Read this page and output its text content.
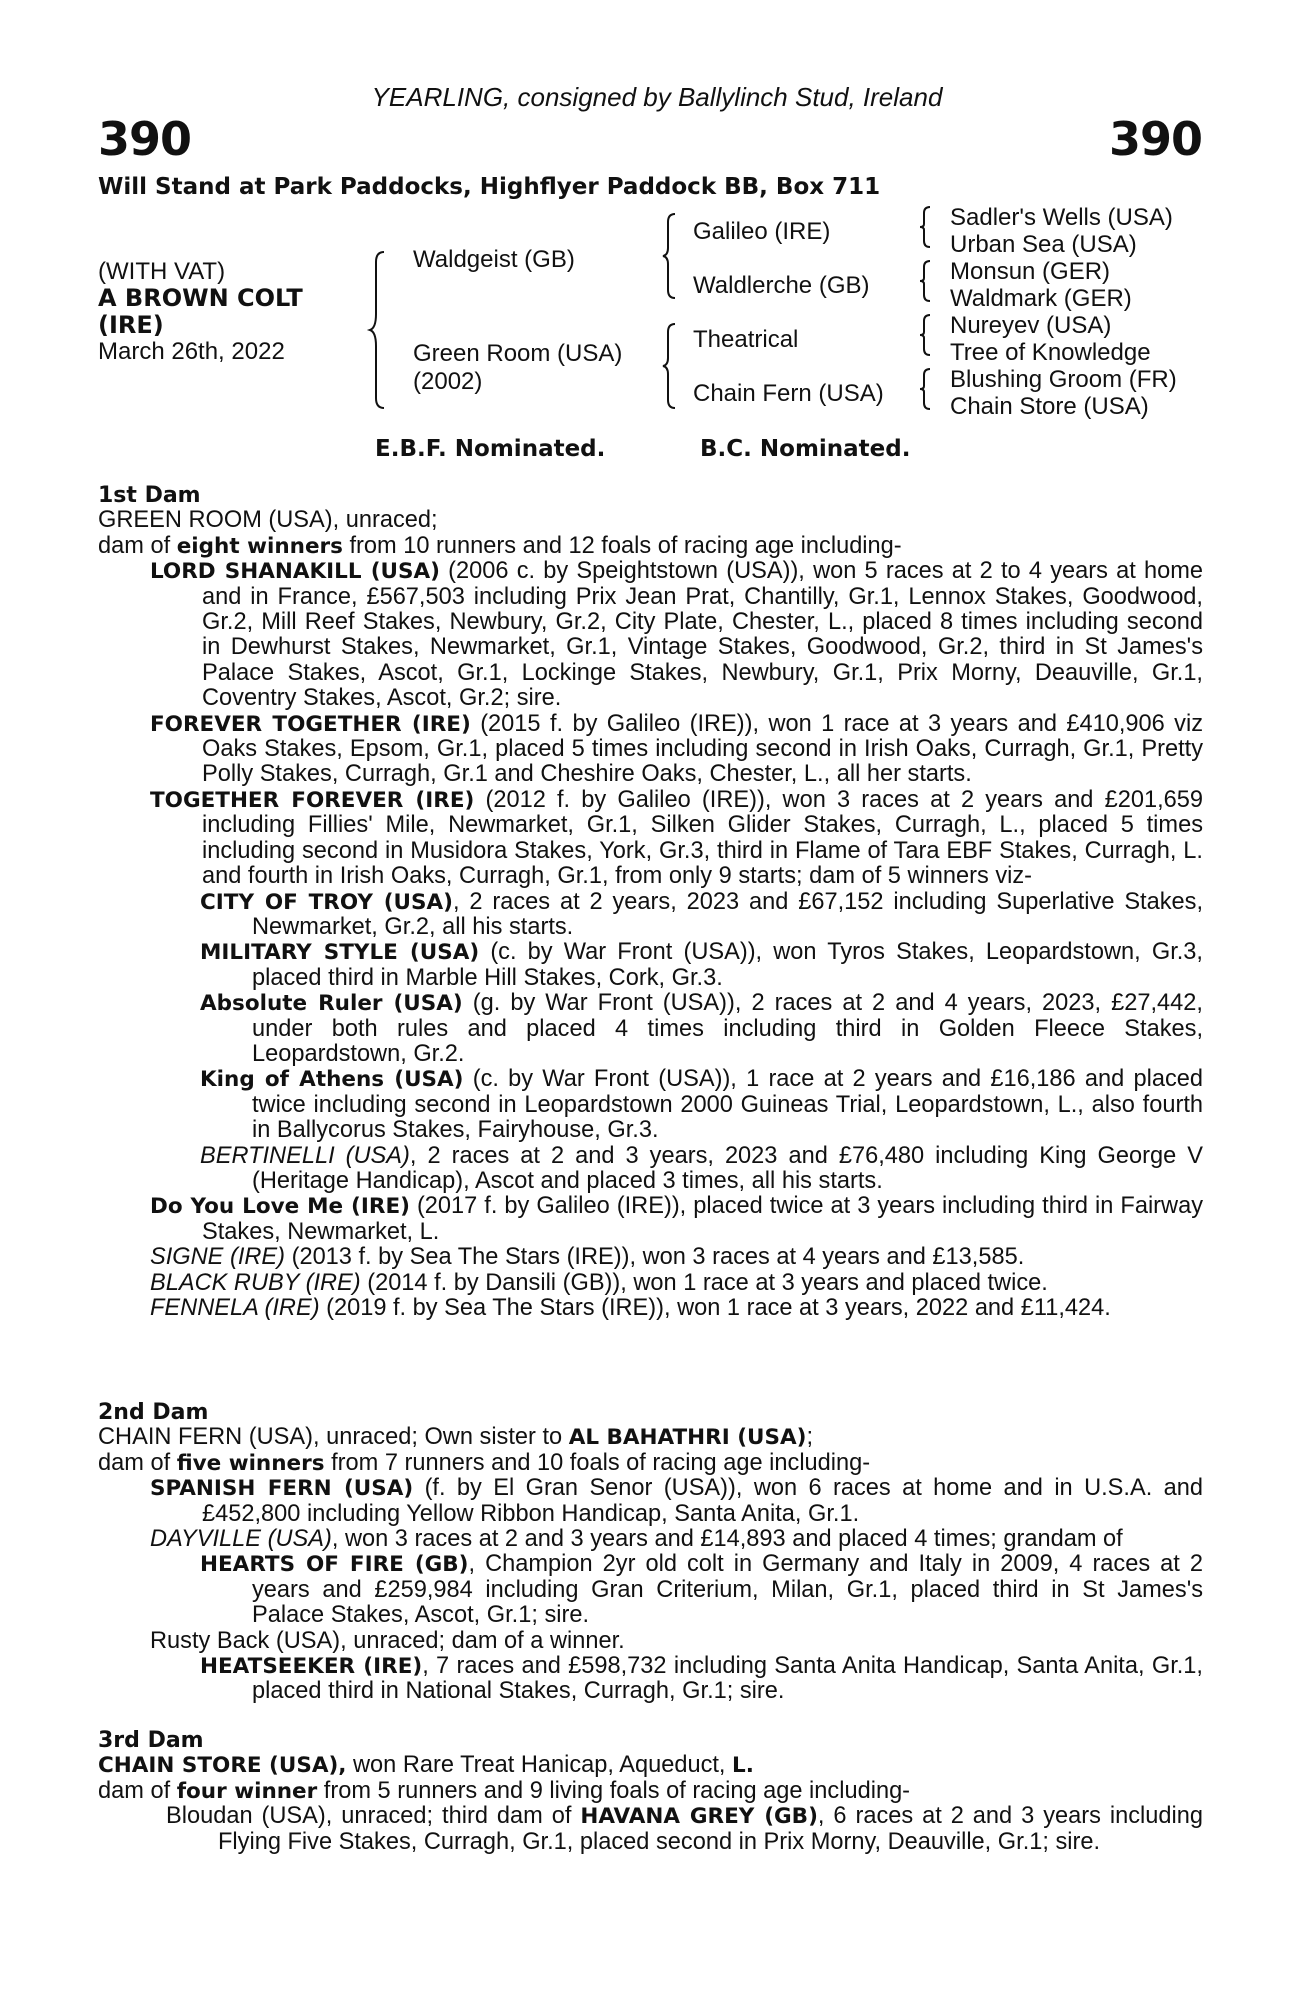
YEARLING, consigned by Ballylinch Stud, Ireland
390	390
Will Stand at Park Paddocks, Highflyer Paddock BB, Box 711
(WITH VAT)
A BROWN COLT
(IRE)
March 26th, 2022
Waldgeist (GB)
Green Room (USA)
(2002)
Galileo (IRE)
Waldlerche (GB)
Theatrical
Chain Fern (USA)
Sadler's Wells (USA)
Urban Sea (USA)
Monsun (GER)
Waldmark (GER)
Nureyev (USA)
Tree of Knowledge
Blushing Groom (FR)
Chain Store (USA)
E.B.F. Nominated.	B.C. Nominated.
1st Dam
GREEN ROOM (USA), unraced;
dam of eight winners from 10 runners and 12 foals of racing age including-
LORD SHANAKILL (USA) (2006 c. by Speightstown (USA)), won 5 races at 2 to 4 years at home and in France, £567,503 including Prix Jean Prat, Chantilly, Gr.1, Lennox Stakes, Goodwood, Gr.2, Mill Reef Stakes, Newbury, Gr.2, City Plate, Chester, L., placed 8 times including second in Dewhurst Stakes, Newmarket, Gr.1, Vintage Stakes, Goodwood, Gr.2, third in St James's Palace Stakes, Ascot, Gr.1, Lockinge Stakes, Newbury, Gr.1, Prix Morny, Deauville, Gr.1, Coventry Stakes, Ascot, Gr.2; sire.
FOREVER TOGETHER (IRE) (2015 f. by Galileo (IRE)), won 1 race at 3 years and £410,906 viz Oaks Stakes, Epsom, Gr.1, placed 5 times including second in Irish Oaks, Curragh, Gr.1, Pretty Polly Stakes, Curragh, Gr.1 and Cheshire Oaks, Chester, L., all her starts.
TOGETHER FOREVER (IRE) (2012 f. by Galileo (IRE)), won 3 races at 2 years and £201,659 including Fillies' Mile, Newmarket, Gr.1, Silken Glider Stakes, Curragh, L., placed 5 times including second in Musidora Stakes, York, Gr.3, third in Flame of Tara EBF Stakes, Curragh, L. and fourth in Irish Oaks, Curragh, Gr.1, from only 9 starts; dam of 5 winners viz-
CITY OF TROY (USA), 2 races at 2 years, 2023 and £67,152 including Superlative Stakes, Newmarket, Gr.2, all his starts.
MILITARY STYLE (USA) (c. by War Front (USA)), won Tyros Stakes, Leopardstown, Gr.3, placed third in Marble Hill Stakes, Cork, Gr.3.
Absolute Ruler (USA) (g. by War Front (USA)), 2 races at 2 and 4 years, 2023, £27,442, under both rules and placed 4 times including third in Golden Fleece Stakes, Leopardstown, Gr.2.
King of Athens (USA) (c. by War Front (USA)), 1 race at 2 years and £16,186 and placed twice including second in Leopardstown 2000 Guineas Trial, Leopardstown, L., also fourth in Ballycorus Stakes, Fairyhouse, Gr.3.
BERTINELLI (USA), 2 races at 2 and 3 years, 2023 and £76,480 including King George V (Heritage Handicap), Ascot and placed 3 times, all his starts.
Do You Love Me (IRE) (2017 f. by Galileo (IRE)), placed twice at 3 years including third in Fairway Stakes, Newmarket, L.
SIGNE (IRE) (2013 f. by Sea The Stars (IRE)), won 3 races at 4 years and £13,585.
BLACK RUBY (IRE) (2014 f. by Dansili (GB)), won 1 race at 3 years and placed twice.
FENNELA (IRE) (2019 f. by Sea The Stars (IRE)), won 1 race at 3 years, 2022 and £11,424.
2nd Dam
CHAIN FERN (USA), unraced; Own sister to AL BAHATHRI (USA);
dam of five winners from 7 runners and 10 foals of racing age including-
SPANISH FERN (USA) (f. by El Gran Senor (USA)), won 6 races at home and in U.S.A. and £452,800 including Yellow Ribbon Handicap, Santa Anita, Gr.1.
DAYVILLE (USA), won 3 races at 2 and 3 years and £14,893 and placed 4 times; grandam of
HEARTS OF FIRE (GB), Champion 2yr old colt in Germany and Italy in 2009, 4 races at 2 years and £259,984 including Gran Criterium, Milan, Gr.1, placed third in St James's Palace Stakes, Ascot, Gr.1; sire.
Rusty Back (USA), unraced; dam of a winner.
HEATSEEKER (IRE), 7 races and £598,732 including Santa Anita Handicap, Santa Anita, Gr.1, placed third in National Stakes, Curragh, Gr.1; sire.
3rd Dam
CHAIN STORE (USA), won Rare Treat Hanicap, Aqueduct, L.
dam of four winner from 5 runners and 9 living foals of racing age including-
Bloudan (USA), unraced; third dam of HAVANA GREY (GB), 6 races at 2 and 3 years including Flying Five Stakes, Curragh, Gr.1, placed second in Prix Morny, Deauville, Gr.1; sire.
